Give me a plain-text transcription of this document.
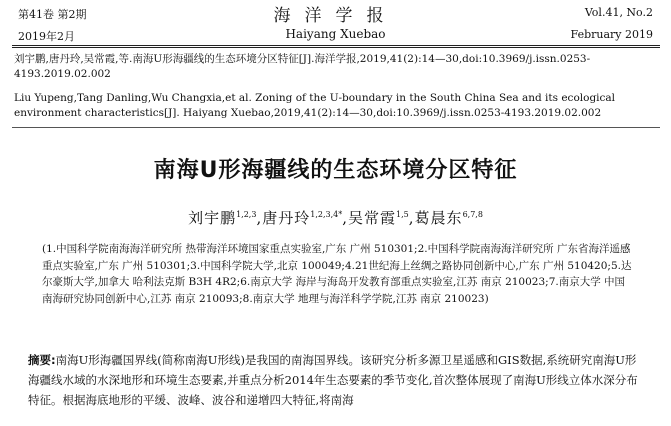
第41卷 第2期	海洋学报	Vol.41, No.2
2019年2月	Haiyang Xuebao	February 2019
刘宇鹏,唐丹玲,吴常霞,等.南海U形海疆线的生态环境分区特征[J].海洋学报,2019,41(2):14—30,doi:10.3969/j.issn.0253-4193.2019.02.002
Liu Yupeng,Tang Danling,Wu Changxia,et al. Zoning of the U-boundary in the South China Sea and its ecological environment characteristics[J]. Haiyang Xuebao,2019,41(2):14—30,doi:10.3969/j.issn.0253-4193.2019.02.002
南海U形海疆线的生态环境分区特征
刘宇鹏$^{1,2,3}$,唐丹玲$^{1,2,3,4*}$,吴常霞$^{1,5}$,葛晨东$^{6,7,8}$
(1.中国科学院南海海洋研究所 热带海洋环境国家重点实验室,广东 广州 510301;2.中国科学院南海海洋研究所 广东省海洋遥感重点实验室,广东 广州 510301;3.中国科学院大学,北京 100049;4.21世纪海上丝绸之路协同创新中心,广东 广州 510420;5.达尔豪斯大学,加拿大 哈利法克斯 B3H 4R2;6.南京大学 海岸与海岛开发教育部重点实验室,江苏 南京 210023;7.南京大学 中国南海研究协同创新中心,江苏 南京 210093;8.南京大学 地理与海洋科学学院,江苏 南京 210023)
摘要:南海U形海疆国界线(简称南海U形线)是我国的南海国界线。该研究分析多源卫星遥感和GIS数据,系统研究南海U形海疆线水域的水深地形和环境生态要素,并重点分析2014年生态要素的季节变化,首次整体展现了南海U形线立体水深分布特征。根据海底地形的平缓、波峰、波谷和递增四大特征,将南海
